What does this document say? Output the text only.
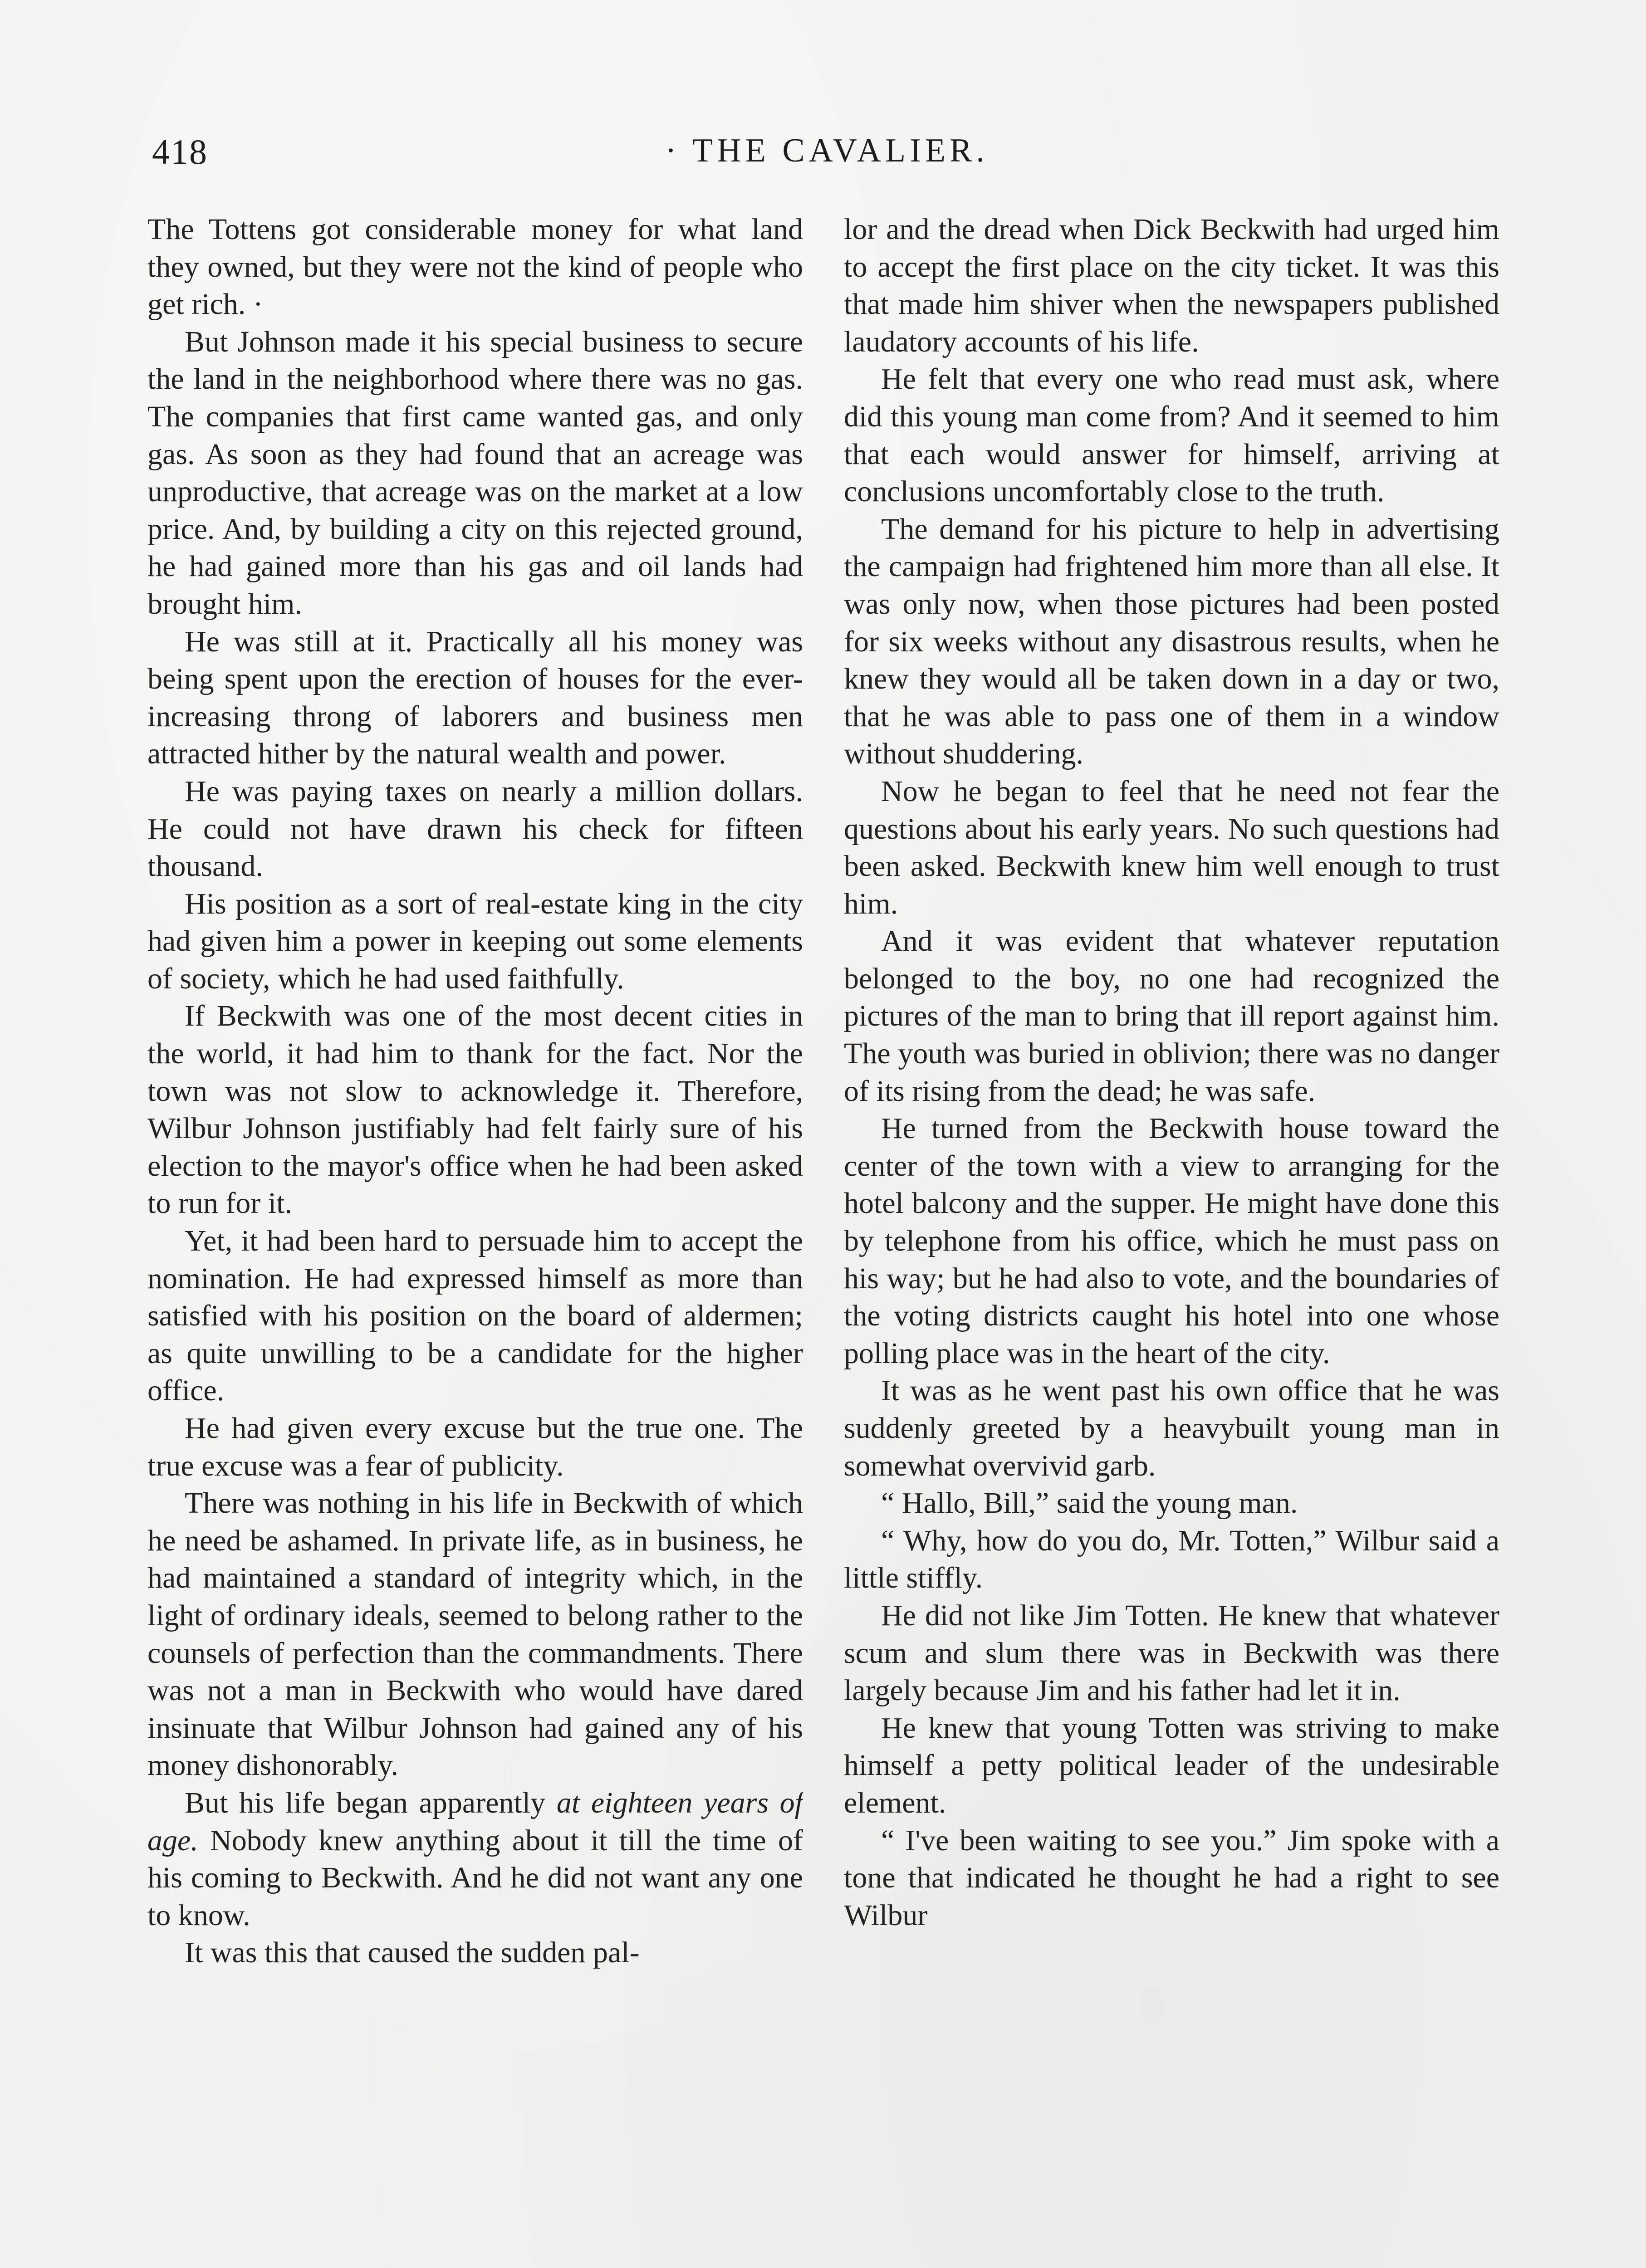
418	· THE CAVALIER.

The Tottens got considerable money for what land they owned, but they were not the kind of people who get rich. ·

But Johnson made it his special business to secure the land in the neighborhood where there was no gas. The companies that first came wanted gas, and only gas. As soon as they had found that an acreage was unproductive, that acreage was on the market at a low price. And, by building a city on this rejected ground, he had gained more than his gas and oil lands had brought him.

He was still at it. Practically all his money was being spent upon the erection of houses for the ever-increasing throng of laborers and business men attracted hither by the natural wealth and power.

He was paying taxes on nearly a million dollars. He could not have drawn his check for fifteen thousand.

His position as a sort of real-estate king in the city had given him a power in keeping out some elements of society, which he had used faithfully.

If Beckwith was one of the most decent cities in the world, it had him to thank for the fact. Nor the town was not slow to acknowledge it. Therefore, Wilbur Johnson justifiably had felt fairly sure of his election to the mayor's office when he had been asked to run for it.

Yet, it had been hard to persuade him to accept the nomination. He had expressed himself as more than satisfied with his position on the board of aldermen; as quite unwilling to be a candidate for the higher office.

He had given every excuse but the true one. The true excuse was a fear of publicity.

There was nothing in his life in Beckwith of which he need be ashamed. In private life, as in business, he had maintained a standard of integrity which, in the light of ordinary ideals, seemed to belong rather to the counsels of perfection than the commandments. There was not a man in Beckwith who would have dared insinuate that Wilbur Johnson had gained any of his money dishonorably.

But his life began apparently at eighteen years of age. Nobody knew anything about it till the time of his coming to Beckwith. And he did not want any one to know.

It was this that caused the sudden pal-

lor and the dread when Dick Beckwith had urged him to accept the first place on the city ticket. It was this that made him shiver when the newspapers published laudatory accounts of his life.

He felt that every one who read must ask, where did this young man come from? And it seemed to him that each would answer for himself, arriving at conclusions uncomfortably close to the truth.

The demand for his picture to help in advertising the campaign had frightened him more than all else. It was only now, when those pictures had been posted for six weeks without any disastrous results, when he knew they would all be taken down in a day or two, that he was able to pass one of them in a window without shuddering.

Now he began to feel that he need not fear the questions about his early years. No such questions had been asked. Beckwith knew him well enough to trust him.

And it was evident that whatever reputation belonged to the boy, no one had recognized the pictures of the man to bring that ill report against him. The youth was buried in oblivion; there was no danger of its rising from the dead; he was safe.

He turned from the Beckwith house toward the center of the town with a view to arranging for the hotel balcony and the supper. He might have done this by telephone from his office, which he must pass on his way; but he had also to vote, and the boundaries of the voting districts caught his hotel into one whose polling place was in the heart of the city.

It was as he went past his own office that he was suddenly greeted by a heavybuilt young man in somewhat overvivid garb.

“ Hallo, Bill,” said the young man.

“ Why, how do you do, Mr. Totten,” Wilbur said a little stiffly.

He did not like Jim Totten. He knew that whatever scum and slum there was in Beckwith was there largely because Jim and his father had let it in.

He knew that young Totten was striving to make himself a petty political leader of the undesirable element.

“ I've been waiting to see you.” Jim spoke with a tone that indicated he thought he had a right to see Wilbur
